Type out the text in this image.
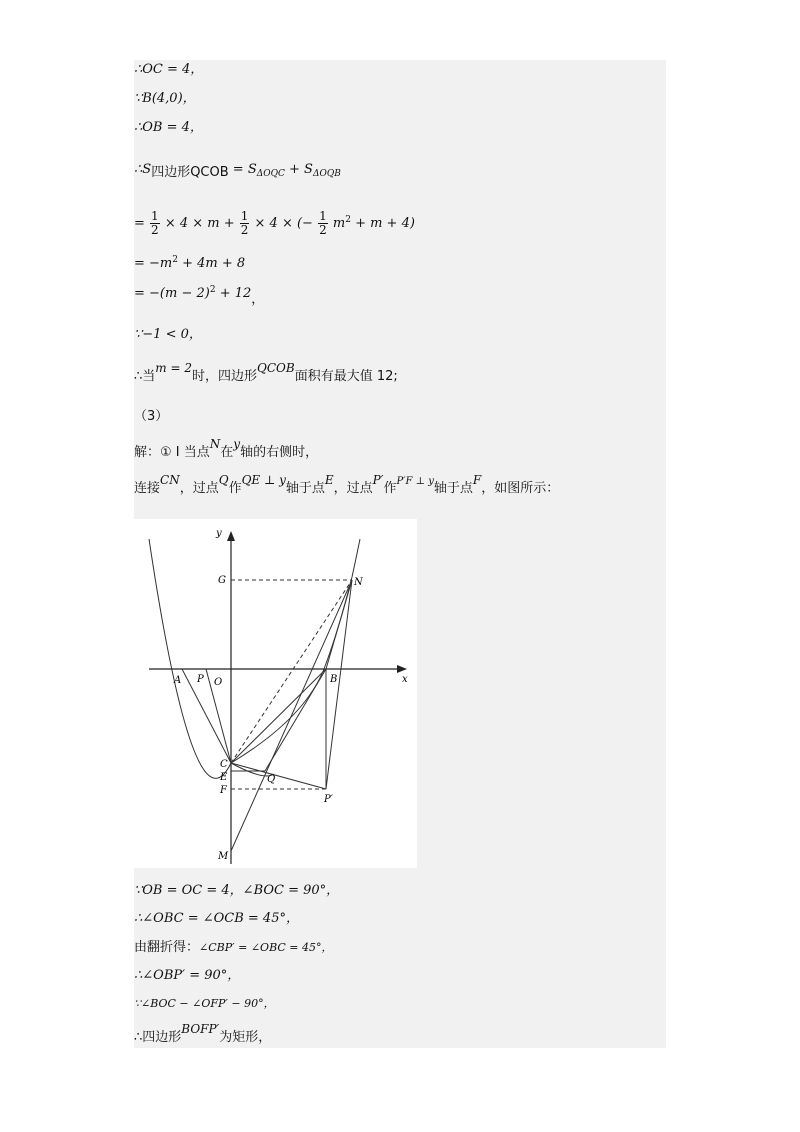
∴OC = 4，
∵B(4,0)，
∴OB = 4，
∴S四边形QCOB = $S_{\Delta OQC} + S_{\Delta OQB}$
= $\frac{1}{2} \times 4 \times m + \frac{1}{2} \times 4$ × (− $\frac{1}{2} m^2 + m + 4$)
= $-m^2 + 4m + 8$
= $-(m - 2)^2 + 12$，
∵−1 < 0，
∴当m = 2时，四边形QCOB面积有最大值 12;
（3）
解：① I 当点N在y轴的右侧时，
连接CN，过点Q作QE ⊥ y轴于点E，过点P′作$^{P'F \perp y}$轴于点F，如图所示：
y
x
G	N
A P O	B
C
E	Q
F
P′
M
∵OB = OC = 4，∠BOC = 90°，
∴∠OBC = ∠OCB = 45°，
由翻折得：∠CBP′ = ∠OBC = 45°，
∴∠OBP′ = 90°，
∵∠BOC − ∠OFP′ − 90°，
∴四边形BOFP′为矩形，
